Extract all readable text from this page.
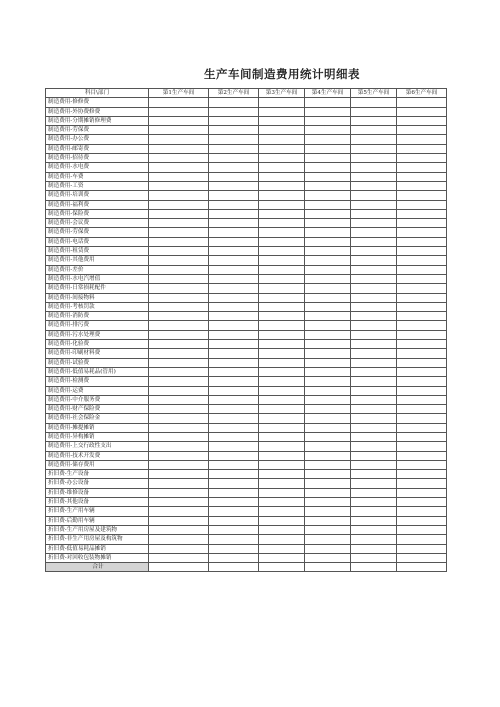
生产车间制造费用统计明细表
科目\部门	第1生产车间	第2生产车间	第3生产车间	第4生产车间	第5生产车间	第6生产车间
制造费用-修修费						
制造费用-外协费修费						
制造费用-分期摊销修理费						
制造费用-劳保费						
制造费用-办公费						
制造费用-邮寄费						
制造费用-招待费						
制造费用-水电费						
制造费用-车费						
制造费用-工资						
制造费用-培训费						
制造费用-福利费						
制造费用-保险费						
制造费用-会议费						
制造费用-劳保费						
制造费用-电话费						
制造费用-租赁费						
制造费用-其他费用						
制造费用-差价						
制造费用-水电汽增值						
制造费用-日常损耗配件						
制造费用-间接物料						
制造费用-考核罚款						
制造费用-消防费						
制造费用-排污费						
制造费用-污水处理费						
制造费用-化验费						
制造费用-印刷材料费						
制造费用-试验费						
制造费用-低值易耗品(管用)						
制造费用-检测费						
制造费用-运费						
制造费用-中介服务费						
制造费用-财产保险费						
制造费用-社会保险金						
制造费用-摊提摊销						
制造费用-异构摊销						
制造费用-上交行政性支出						
制造费用-技术开发费						
制造费用-储存费用						
折旧费-生产设备						
折旧费-办公设备						
折旧费-维修设备						
折旧费-其他设备						
折旧费-生产用车辆						
折旧费-后勤用车辆						
折旧费-生产用房屋及建筑物						
折旧费-非生产用房屋及构筑物						
折旧费-低值易耗品摊销						
折旧费-对回收包装物摊销						
合计						
